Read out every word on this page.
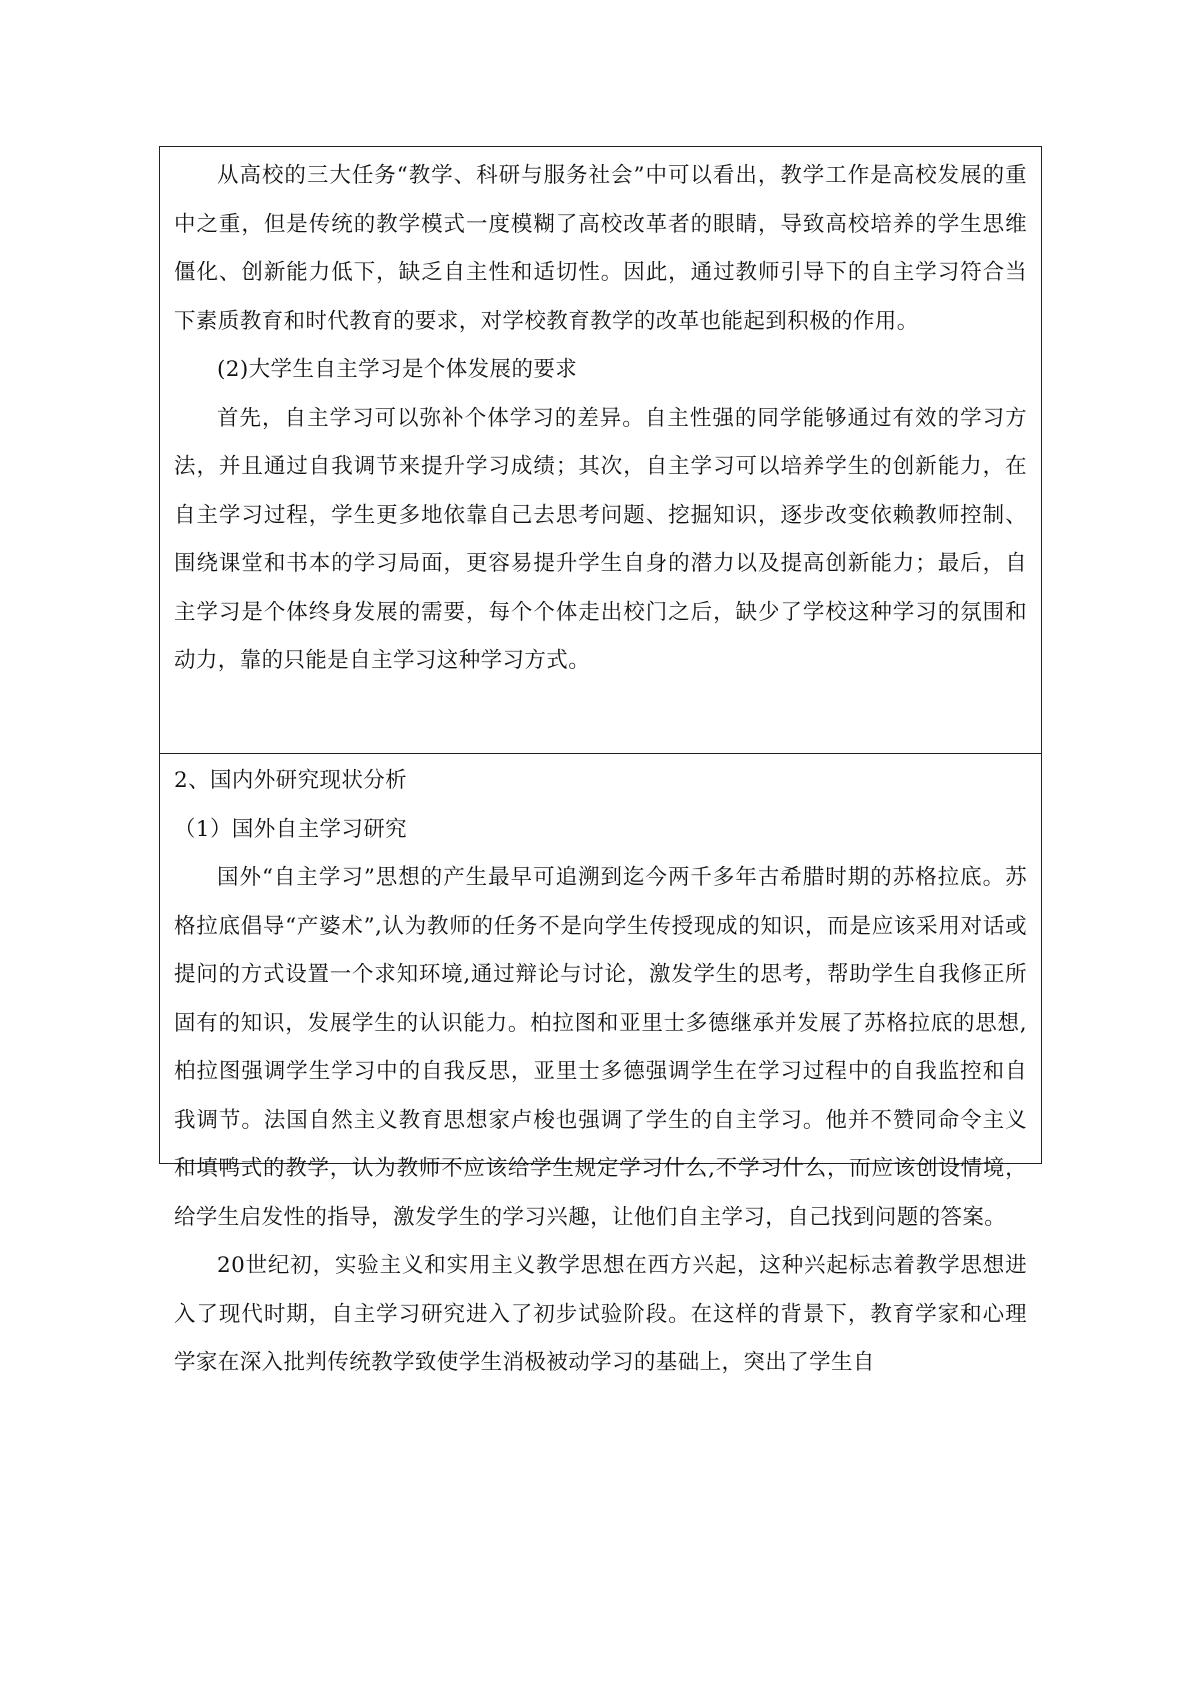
从高校的三大任务“教学、科研与服务社会”中可以看出，教学工作是高校发展的重中之重，但是传统的教学模式一度模糊了高校改革者的眼睛，导致高校培养的学生思维僵化、创新能力低下，缺乏自主性和适切性。因此，通过教师引导下的自主学习符合当下素质教育和时代教育的要求，对学校教育教学的改革也能起到积极的作用。

(2)大学生自主学习是个体发展的要求

首先，自主学习可以弥补个体学习的差异。自主性强的同学能够通过有效的学习方法，并且通过自我调节来提升学习成绩；其次，自主学习可以培养学生的创新能力，在自主学习过程，学生更多地依靠自己去思考问题、挖掘知识，逐步改变依赖教师控制、围绕课堂和书本的学习局面，更容易提升学生自身的潜力以及提高创新能力；最后，自主学习是个体终身发展的需要，每个个体走出校门之后，缺少了学校这种学习的氛围和动力，靠的只能是自主学习这种学习方式。

2、国内外研究现状分析

（1）国外自主学习研究

国外“自主学习”思想的产生最早可追溯到迄今两千多年古希腊时期的苏格拉底。苏格拉底倡导“产婆术”,认为教师的任务不是向学生传授现成的知识，而是应该采用对话或提问的方式设置一个求知环境,通过辩论与讨论，激发学生的思考，帮助学生自我修正所固有的知识，发展学生的认识能力。柏拉图和亚里士多德继承并发展了苏格拉底的思想,柏拉图强调学生学习中的自我反思，亚里士多德强调学生在学习过程中的自我监控和自我调节。法国自然主义教育思想家卢梭也强调了学生的自主学习。他并不赞同命令主义和填鸭式的教学，认为教师不应该给学生规定学习什么,不学习什么，而应该创设情境，给学生启发性的指导，激发学生的学习兴趣，让他们自主学习，自己找到问题的答案。

20世纪初，实验主义和实用主义教学思想在西方兴起，这种兴起标志着教学思想进入了现代时期，自主学习研究进入了初步试验阶段。在这样的背景下，教育学家和心理学家在深入批判传统教学致使学生消极被动学习的基础上，突出了学生自
